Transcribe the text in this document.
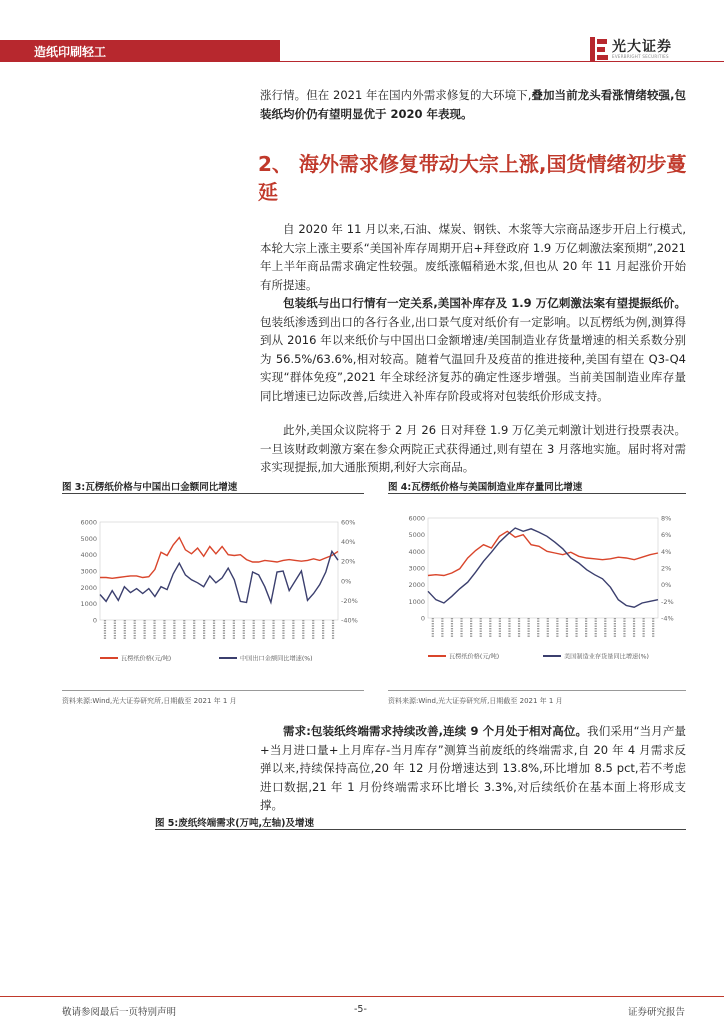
造纸印刷轻工	光大证券
EVERBRIGHT SECURITIES

涨行情。但在 2021 年在国内外需求修复的大环境下,叠加当前龙头看涨情绪较强,包装纸均价仍有望明显优于 2020 年表现。

2、 海外需求修复带动大宗上涨,国货情绪初步蔓延

自 2020 年 11 月以来,石油、煤炭、钢铁、木浆等大宗商品逐步开启上行模式,本轮大宗上涨主要系“美国补库存周期开启+拜登政府 1.9 万亿刺激法案预期”,2021 年上半年商品需求确定性较强。废纸涨幅稍逊木浆,但也从 20 年 11 月起涨价开始有所提速。

包装纸与出口行情有一定关系,美国补库存及 1.9 万亿刺激法案有望提振纸价。包装纸渗透到出口的各行各业,出口景气度对纸价有一定影响。以瓦楞纸为例,测算得到从 2016 年以来纸价与中国出口金额增速/美国制造业存货量增速的相关系数分别为 56.5%/63.6%,相对较高。随着气温回升及疫苗的推进接种,美国有望在 Q3-Q4 实现“群体免疫”,2021 年全球经济复苏的确定性逐步增强。当前美国制造业库存量同比增速已边际改善,后续进入补库存阶段或将对包装纸价形成支持。

此外,美国众议院将于 2 月 26 日对拜登 1.9 万亿美元刺激计划进行投票表决。一旦该财政刺激方案在参众两院正式获得通过,则有望在 3 月落地实施。届时将对需求实现提振,加大通胀预期,利好大宗商品。

图 3:瓦楞纸价格与中国出口金额同比增速
6000
5000
4000
3000
2000
1000
0
60%
40%
20%
0%
-20%
-40%
瓦楞纸价格(元/吨)	中国出口金额同比增速(%)
资料来源:Wind,光大证券研究所,日期截至 2021 年 1 月
图 4:瓦楞纸价格与美国制造业库存量同比增速
6000
5000
4000
3000
2000
1000
0
8%
6%
4%
2%
0%
-2%
-4%
瓦楞纸价格(元/吨)	美国制造业存货量同比增速(%)
资料来源:Wind,光大证券研究所,日期截至 2021 年 1 月

需求:包装纸终端需求持续改善,连续 9 个月处于相对高位。我们采用“当月产量+当月进口量+上月库存-当月库存”测算当前废纸的终端需求,自 20 年 4 月需求反弹以来,持续保持高位,20 年 12 月份增速达到 13.8%,环比增加 8.5 pct,若不考虑进口数据,21 年 1 月份终端需求环比增长 3.3%,对后续纸价在基本面上将形成支撑。

图 5:废纸终端需求(万吨,左轴)及增速
敬请参阅最后一页特别声明	-5-	证券研究报告
